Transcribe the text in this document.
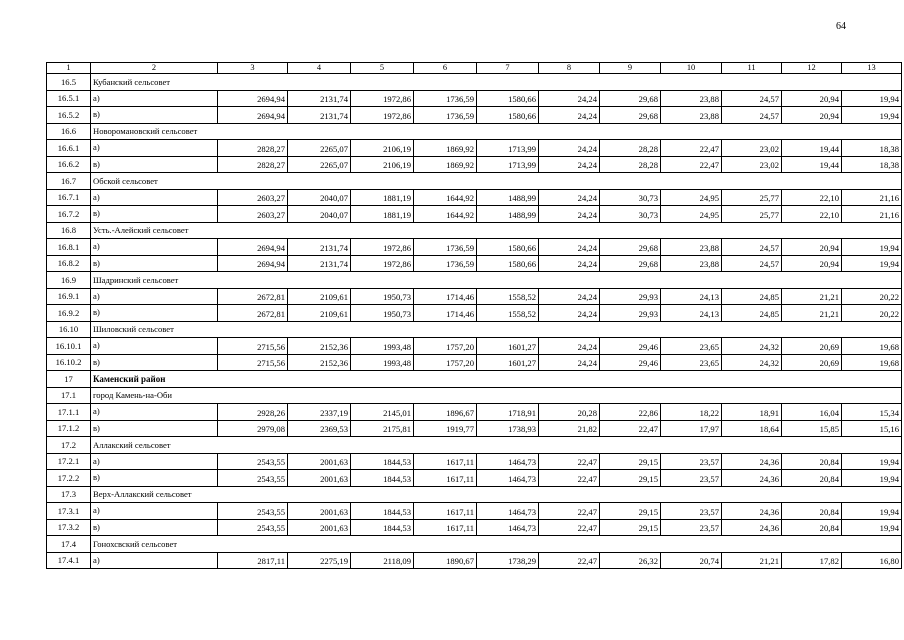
64
1	2	3	4	5	6	7	8	9	10	11	12	13
16.5	Кубанский сельсовет											
16.5.1	а)	2694,94	2131,74	1972,86	1736,59	1580,66	24,24	29,68	23,88	24,57	20,94	19,94
16.5.2	в)	2694,94	2131,74	1972,86	1736,59	1580,66	24,24	29,68	23,88	24,57	20,94	19,94
16.6	Новоромановский сельсовет											
16.6.1	а)	2828,27	2265,07	2106,19	1869,92	1713,99	24,24	28,28	22,47	23,02	19,44	18,38
16.6.2	в)	2828,27	2265,07	2106,19	1869,92	1713,99	24,24	28,28	22,47	23,02	19,44	18,38
16.7	Обской сельсовет											
16.7.1	а)	2603,27	2040,07	1881,19	1644,92	1488,99	24,24	30,73	24,95	25,77	22,10	21,16
16.7.2	в)	2603,27	2040,07	1881,19	1644,92	1488,99	24,24	30,73	24,95	25,77	22,10	21,16
16.8	Усть.-Алейский сельсовет											
16.8.1	а)	2694,94	2131,74	1972,86	1736,59	1580,66	24,24	29,68	23,88	24,57	20,94	19,94
16.8.2	в)	2694,94	2131,74	1972,86	1736,59	1580,66	24,24	29,68	23,88	24,57	20,94	19,94
16.9	Шадринский сельсовет											
16.9.1	а)	2672,81	2109,61	1950,73	1714,46	1558,52	24,24	29,93	24,13	24,85	21,21	20,22
16.9.2	в)	2672,81	2109,61	1950,73	1714,46	1558,52	24,24	29,93	24,13	24,85	21,21	20,22
16.10	Шиловский сельсовет											
16.10.1	а)	2715,56	2152,36	1993,48	1757,20	1601,27	24,24	29,46	23,65	24,32	20,69	19,68
16.10.2	в)	2715,56	2152,36	1993,48	1757,20	1601,27	24,24	29,46	23,65	24,32	20,69	19,68
17	Каменский район											
17.1	город Камень-на-Оби											
17.1.1	а)	2928,26	2337,19	2145,01	1896,67	1718,91	20,28	22,86	18,22	18,91	16,04	15,34
17.1.2	в)	2979,08	2369,53	2175,81	1919,77	1738,93	21,82	22,47	17,97	18,64	15,85	15,16
17.2	Аллакский сельсовет											
17.2.1	а)	2543,55	2001,63	1844,53	1617,11	1464,73	22,47	29,15	23,57	24,36	20,84	19,94
17.2.2	в)	2543,55	2001,63	1844,53	1617,11	1464,73	22,47	29,15	23,57	24,36	20,84	19,94
17.3	Верх-Аллакский сельсовет											
17.3.1	а)	2543,55	2001,63	1844,53	1617,11	1464,73	22,47	29,15	23,57	24,36	20,84	19,94
17.3.2	в)	2543,55	2001,63	1844,53	1617,11	1464,73	22,47	29,15	23,57	24,36	20,84	19,94
17.4	Гонохсвский сельсовет											
17.4.1	а)	2817,11	2275,19	2118,09	1890,67	1738,29	22,47	26,32	20,74	21,21	17,82	16,80
